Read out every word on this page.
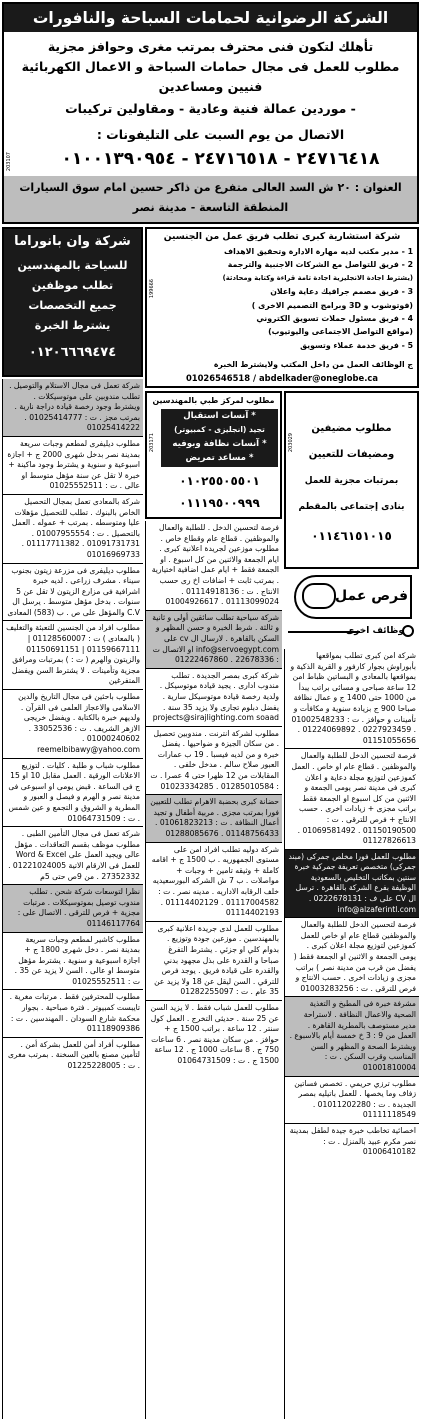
الشركة الرضوانية لحمامات السباحة والنافورات
تأهلك لتكون فنى محترف بمرتب مغرى وحوافز مجزية
مطلوب للعمل فى مجال حمامات السباحة و الاعمال الكهربائية
فنيين ومساعدين
- موردين عمالة فنية وعادية - ومقاولين تركيبات
الاتصال من يوم السبت على التليفونات :
٢٤٧١٦٤١٨ - ٢٤٧١٦٥١٨ - ٠١٠٠١٣٩٠٩٥٤
العنوان : ٢٠ ش السد العالى متفرع من ذاكر حسين امام سوق السيارات
المنطقة التاسعة - مدينة نصر
203107
شركة استشارية كبرى تطلب فريق عمل من الجنسين
1 - مدير مكتب لديه مهارة الادارة وتحقيق الاهداف
2 - فريق للتواصل مع الشركات الاجنبية والترجمة
(يشترط اجادة الانجليزية اجادة تامة قراءة وكتابة ومحادثة)
3 - فريق مصمم جرافيك دعاية واعلان
(فوتوشوب و 3D وبرامج التصميم الاخرى )
4 - فريق مسئول حملات تسويق الكتروني
(مواقع التواصل الاجتماعى واليوتيوب)
5 - فريق خدمة عملاء وتسويق
ج الوظائف العمل من داخل المكتب ولايشترط الخبرة
01026546518 / abdelkader@oneglobe.ca
199666
شركة وان بانوراما
للسياحة بالمهندسين
تطلب موظفين
جميع التخصصات
يشترط الخبرة
٠١٢٠٦٦٦٩٤٧٤
مطلوب لمركز طبي بالمهندسين
* آنسات استقبال
تجيد (انجليزى - كمبيوتر)
* آنسات نظافة وبوفيه
* مساعد تمريض
٠١٠٢٥٥٠٥٥٠١
٠١١١٩٥٠٠٩٩٩
203171
مطلوب مضيفين
ومضيفات للتعيين
بمرتبات مجزية للعمل
بنادى إجتماعى بالمقطم
٠١١٤٦١٥١٠١٥
203029
فرص عمل
وظائف اخرى
شركة تعمل فى مجال الاستلام والتوصيل . تطلب مندوبين على موتوسيكلات . ويشترط وجود رخصة قيادة دراجة نارية . بمرتب مجز . ت : 01025414777 . 01025414222
مطلوب ديليفرى لمطعم وجبات سريعة بمدينة نصر بدخل شهرى 2000 ج + اجازة اسبوعية و سنوية و يشترط وجود ماكينة + خبرة لا تقل عن سنة مؤهل متوسط او عالى . ت : 01025552511
شركة بالمعادى تعمل بمجال التحصيل الخاص بالبنوك . تطلب للتحصيل مؤهلات عليا ومتوسطه . بمرتب + عموله . العمل بالتحصيل . ت : 01007955554 . 01091731731 . 01117711382 . 01016969733
مطلوب ديليفرى فى مزرعة زيتون بجنوب سيناء . مشرف زراعى . لديه خبرة اشرافية فى مزارع الزيتون لا تقل عن 5 سنوات . بدخل مؤهل متوسط . يرسل ال C.V والمؤهل على ص . ب (583) المعادى
مطلوب افراد من الجنسين للتعبئة والتغليف ( بالمعادى ) ت : 01128560007 | 01159667111 | 01150691151 والزيتون والهرم ( ت : ) بمرتبات ومرافق مجزية وتأمينات . لا يشترط السن ويفضل المتفرغين
مطلوب باحثين فى مجال التاريخ والدين الاسلامى والاعجاز العلمى فى القرآن . ولديهم خبرة بالكتابة . ويفضل خريجى الازهر الشريف . ت : 33052536 . 01000240602 . reemelbibawy@yahoo.com
مطلوب شباب و طلبة . كليات . لتوزيع الاعلانات الورقية . العمل مقابل 10 او 15 ج فى الساعة . قبض يومى او اسبوعى فى مدينة نصر و الهرم و فيصل و العبور و المطرية و الشروق و التجمع و عين شمس . ت : 01064731509
شركة تعمل فى مجال التأمين الطبى . مطلوب موظف بقسم التعاقدات . مؤهل عالى ويجيد العمل على Word & Excel للعمل فى الارقام الاتية 01221024005 . 27352332 . من 9ص حتى 5م
نظرا لتوسعات شركة شحن . تطلب مندوب توصيل بموتوسيكلات . مرتبات مجزية + فرص للترقى . الاتصال على : 01146117764
مطلوب كاشير لمطعم وجبات سريعة بمدينة نصر . دخل شهرى 1800 ج + اجازة اسبوعية و سنوية . يشترط مؤهل متوسط او عالى . السن لا يزيد عن 35 . ت : 01025552511
مطلوب للمحترفين فقط . مرتبات مغرية . تايبست كمبيوتر . فترة صباحية . بجوار محكمة شارع السودان . المهندسين . ت : 01118909386
مطلوب أفراد أمن للعمل بشركة أمن . لتأمين مصنع بالعين السخنة . بمرتب مغرى . ت : 01225228005
فرصة لتحسين الدخل . للطلبة والعمال والموظفين . قطاع عام وقطاع خاص . مطلوب موزعين لجريدة اعلانية كبرى . ايام الجمعة والاثنين من كل اسبوع . او الجمعة فقط + ايام عمل اضافية اختيارية . بمرتب ثابت + اضافات اخ رى حسب الانتاج . ت : 01114918136 . 01113099024 . 01004926617
شركة سياحية تطلب سائقين أولى و ثانية و ثالثة . شرط الخبرة و حسن المظهر و السكن بالقاهرة . لارسال ال cv على info@servoegypt.com او الاتصال ت : 22678336 . 01222467860
شركة كبرى بمصر الجديدة . تطلب مندوب ادارى . يجيد قيادة موتوسيكل . ولدية رخصة قيادة موتوسيكل سارية . يفضل دبلوم تجارى ولا يزيد 35 سنة . projects@sirajlighting.com soaad
مطلوب لشركة انترنت . مندوبين تحصيل . من سكان الجيزة و ضواحيها . يفضل خبرة و من لديه فيسبا . 19 ب عمارات العبور صلاح سالم . مدخل خلفى . المقابلات من 12 ظهرا حتى 4 عصرا . ت : 01285010584 . 01023334285
حضانة كبرى بحضبة الاهرام تطلب للتعيين فورا بمرتب مجزى . مربية أطفال و تجيد أعمال النظافة . ت : 01061823213 . 01148756433 . 01288085676
شركة دوليه تطلب افراد امن على مستوى الجمهوريه . ب 1500 ج + اقامه كاملة + وثيقه تامين + وجبات + مواصلات . ب 7 ش الشركه البورسعيديه خلف الرقابه الاداريه . مدينه نصر . ت : 01117004582 . 01114402129 . 01114402193
مطلوب للعمل لدى جريدة اعلانية كبرى بالمهندسين . موزعين جودة وتوزيع . بدوام كلي او جزئي . يشترط التفرغ صباحا و القدرة على بذل مجهود بدني والقدرة على قيادة فريق . يوجد فرص للترقي . السن ليقل عن 18 ولا يزيد عن 35 عام . ت : 01282255097
مطلوب للعمل شباب فقط . لا يزيد السن عن 25 سنة . حديثى التخرج . العمل كول سنتر . 12 ساعة . براتب 1500 ج + حوافز . من سكان مدينة نصر . 6 ساعات 750 ج . 8 ساعات 1000 ج . 12 ساعة 1500 ج . ت : 01064731509
شركة امن كبرى تطلب بمواقعها بأبوراوش بجوار كارفور و القرية الذكية و بمواقعها بالمعادى و البساتين ظباط امن 12 ساعة صباحى و مسائى براتب يبدأ من 1000 حتى 1400 ج و عمال نظافة صباحا 900 ج بزيادة سنوية و مكافأت و تأمينات و حوافز . ت : 01002548233 . 0227923459 . 01224069892 . 01151055656
فرصة لتحسين الدخل للطلبة والعمال والموظفين . قطاع عام او خاص . العمل كموزعين لتوزيع مجلة دعاية و اعلان كبرى فى مدينة نصر يومى الجمعة و الاثنين من كل اسبوع او الجمعة فقط براتب مجزى + زيادات اخرى . حسب الانتاج + فرص للترقى . ت : 01150190500 . 01069581492 . 01127826613
مطلوب للعمل فورا مخلص جمركى (مبند جمركى) متخصص تعريفة جمركية خبرة سنتين بمكاتب التخليص بالسعودية الوظيفة بفرع الشركة بالقاهرة . ترسل ال CV على ف : 0222678131 . info@alzaferintl.com
فرصة لتحسين الدخل للطلبة والعمال والموظفين قطاع عام او خاص للعمل كموزعين لتوزيع مجلة اعلان كبرى . يومى الجمعة و الاثنين او الجمعة فقط ( يفضل من قرب من مدينة نصر ) براتب مجزى و زيادات اخرى . حسب الانتاج و فرص للترقى . ت : 01003283256
مشرفة خبرة فى المطبخ و التغذية الصحية والاعمال النظافة . لاستراحة مدير مستوصف بالمطرية القاهرة . العمل من 9 : 3 خ خمسة أيام بالاسبوع . ويشترط الصحة و المظهر و السن المناسب وقرب السكن . ت : 01001810004
مطلوب ترزي حريمي . تخصص فساتين زفاف وما يخصها . للعمل باتيليه بمصر الجديدة . ت : 01011202280 . 01111118549
اخصائية تخاطب خبرة جيدة لطفل بمدينة نصر مكرم عبيد بالمنزل . ت : 01006410182
